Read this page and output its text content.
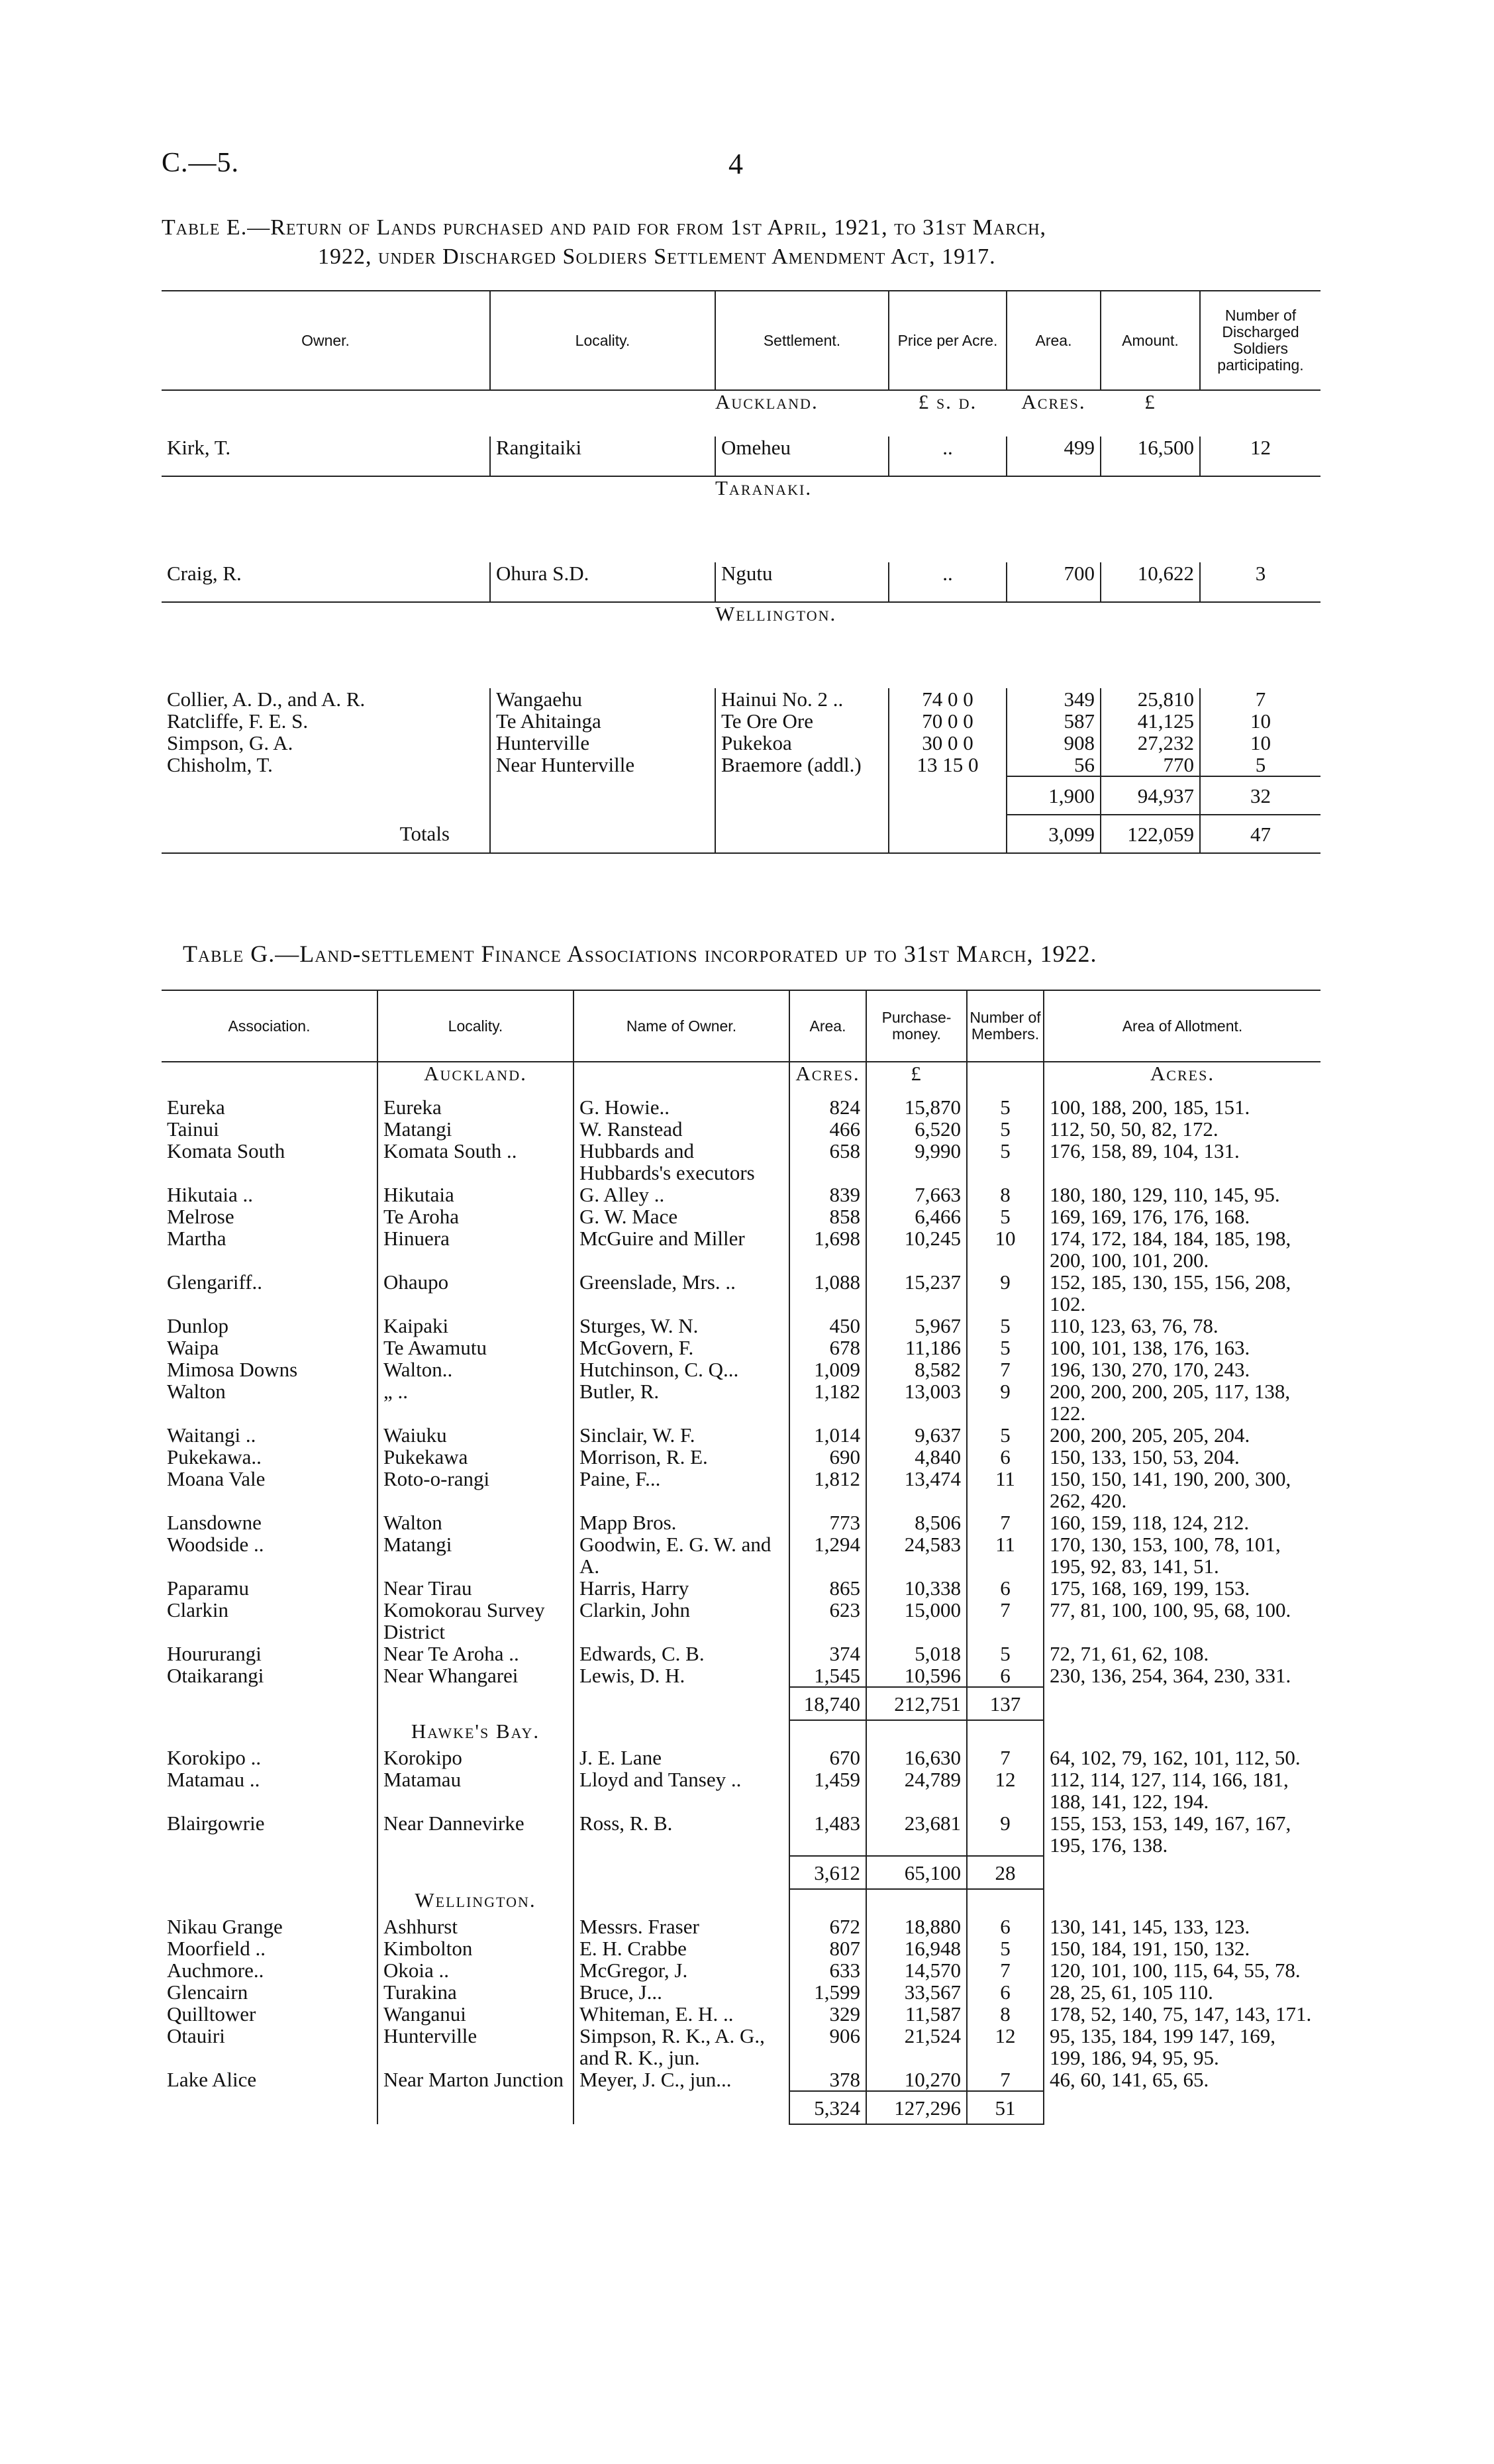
C.—5.	4
Table E.—Return of Lands purchased and paid for from 1st April, 1921, to 31st March,
1922, under Discharged Soldiers Settlement Amendment Act, 1917.
Owner.	Locality.	Settlement.	Price per Acre.	Area.	Amount.	Number of Discharged Soldiers participating.
		Auckland.	£ s. d.	Acres.	£	
Kirk, T.	Rangitaiki	Omeheu	..	499	16,500	12
		Taranaki.				
Craig, R.	Ohura S.D.	Ngutu	..	700	10,622	3
		Wellington.				
Collier, A. D., and A. R.	Wangaehu	Hainui No. 2 ..	74 0 0	349	25,810	7
Ratcliffe, F. E. S.	Te Ahitainga	Te Ore Ore	70 0 0	587	41,125	10
Simpson, G. A.	Hunterville	Pukekoa	30 0 0	908	27,232	10
Chisholm, T.	Near Hunterville	Braemore (addl.)	13 15 0	56	770	5
				1,900	94,937	32
Totals				3,099	122,059	47
Table G.—Land-settlement Finance Associations incorporated up to 31st March, 1922.
Association.	Locality.	Name of Owner.	Area.	Purchase-money.	Number of Members.	Area of Allotment.
	Auckland.		Acres.	£		Acres.
Eureka	Eureka	G. Howie..	824	15,870	5	100, 188, 200, 185, 151.
Tainui	Matangi	W. Ranstead	466	6,520	5	112, 50, 50, 82, 172.
Komata South	Komata South ..	Hubbards and Hubbards's executors	658	9,990	5	176, 158, 89, 104, 131.
Hikutaia ..	Hikutaia	G. Alley ..	839	7,663	8	180, 180, 129, 110, 145, 95.
Melrose	Te Aroha	G. W. Mace	858	6,466	5	169, 169, 176, 176, 168.
Martha	Hinuera	McGuire and Miller	1,698	10,245	10	174, 172, 184, 184, 185, 198, 200, 100, 101, 200.
Glengariff..	Ohaupo	Greenslade, Mrs. ..	1,088	15,237	9	152, 185, 130, 155, 156, 208, 102.
Dunlop	Kaipaki	Sturges, W. N.	450	5,967	5	110, 123, 63, 76, 78.
Waipa	Te Awamutu	McGovern, F.	678	11,186	5	100, 101, 138, 176, 163.
Mimosa Downs	Walton..	Hutchinson, C. Q...	1,009	8,582	7	196, 130, 270, 170, 243.
Walton	„ ..	Butler, R.	1,182	13,003	9	200, 200, 200, 205, 117, 138, 122.
Waitangi ..	Waiuku	Sinclair, W. F.	1,014	9,637	5	200, 200, 205, 205, 204.
Pukekawa..	Pukekawa	Morrison, R. E.	690	4,840	6	150, 133, 150, 53, 204.
Moana Vale	Roto-o-rangi	Paine, F...	1,812	13,474	11	150, 150, 141, 190, 200, 300, 262, 420.
Lansdowne	Walton	Mapp Bros.	773	8,506	7	160, 159, 118, 124, 212.
Woodside ..	Matangi	Goodwin, E. G. W. and A.	1,294	24,583	11	170, 130, 153, 100, 78, 101, 195, 92, 83, 141, 51.
Paparamu	Near Tirau	Harris, Harry	865	10,338	6	175, 168, 169, 199, 153.
Clarkin	Komokorau Survey District	Clarkin, John	623	15,000	7	77, 81, 100, 100, 95, 68, 100.
Hoururangi	Near Te Aroha ..	Edwards, C. B.	374	5,018	5	72, 71, 61, 62, 108.
Otaikarangi	Near Whangarei	Lewis, D. H.	1,545	10,596	6	230, 136, 254, 364, 230, 331.
			18,740	212,751	137	
	Hawke's Bay.					
Korokipo ..	Korokipo	J. E. Lane	670	16,630	7	64, 102, 79, 162, 101, 112, 50.
Matamau ..	Matamau	Lloyd and Tansey ..	1,459	24,789	12	112, 114, 127, 114, 166, 181, 188, 141, 122, 194.
Blairgowrie	Near Dannevirke	Ross, R. B.	1,483	23,681	9	155, 153, 153, 149, 167, 167, 195, 176, 138.
			3,612	65,100	28	
	Wellington.					
Nikau Grange	Ashhurst	Messrs. Fraser	672	18,880	6	130, 141, 145, 133, 123.
Moorfield ..	Kimbolton	E. H. Crabbe	807	16,948	5	150, 184, 191, 150, 132.
Auchmore..	Okoia ..	McGregor, J.	633	14,570	7	120, 101, 100, 115, 64, 55, 78.
Glencairn	Turakina	Bruce, J...	1,599	33,567	6	28, 25, 61, 105 110.
Quilltower	Wanganui	Whiteman, E. H. ..	329	11,587	8	178, 52, 140, 75, 147, 143, 171.
Otauiri	Hunterville	Simpson, R. K., A. G., and R. K., jun.	906	21,524	12	95, 135, 184, 199 147, 169, 199, 186, 94, 95, 95.
Lake Alice	Near Marton Junction	Meyer, J. C., jun...	378	10,270	7	46, 60, 141, 65, 65.
			5,324	127,296	51	
